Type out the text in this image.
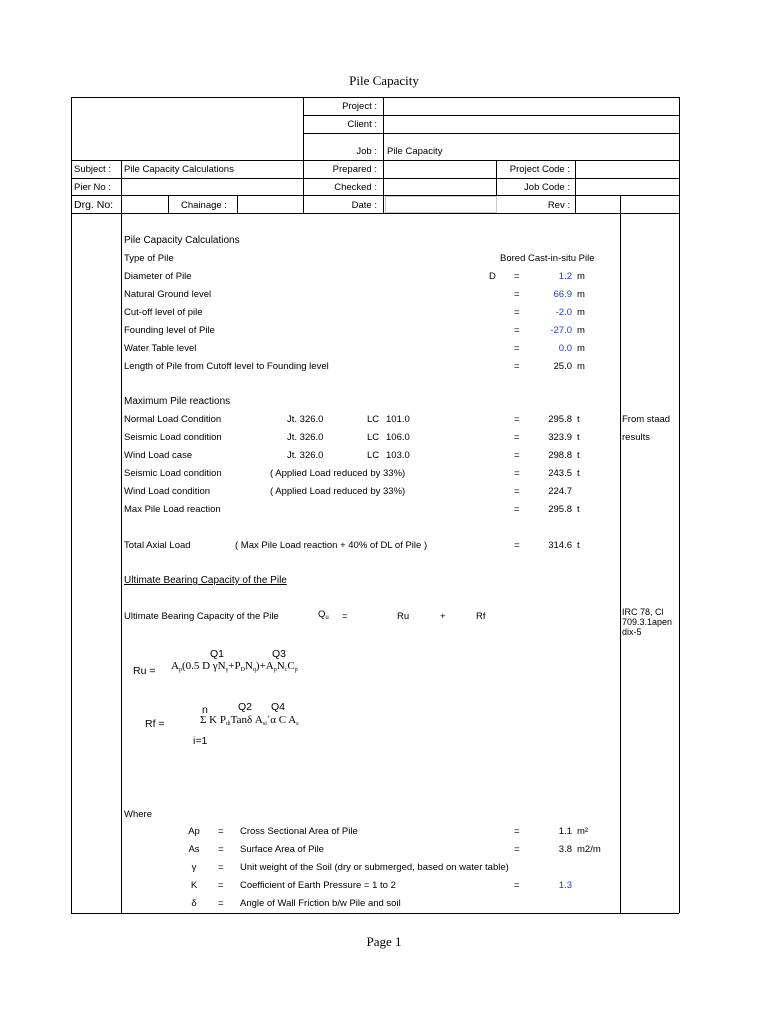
Pile Capacity
Project :
Client :
Job : Pile Capacity
Subject : Pile Capacity Calculations	Prepared :	Project Code :
Pier No :	Checked :	Job Code :
Drg. No:	Chainage :	Date :	Rev :
Pile Capacity Calculations
Type of Pile	Bored Cast-in-situ Pile
Diameter of Pile	D =	1.2 m
Natural Ground level	=	66.9 m
Cut-off level of pile	=	-2.0 m
Founding level of Pile	=	-27.0 m
Water Table level	=	0.0 m
Length of Pile from Cutoff level to Founding level	=	25.0 m
Maximum Pile reactions
Normal Load Condition	Jt. 326.0	LC 101.0	=	295.8 t	From staad
Seismic Load condition	Jt. 326.0	LC 106.0	=	323.9 t	results
Wind Load case	Jt. 326.0	LC 103.0	=	298.8 t
Seismic Load condition	( Applied Load reduced by 33%)	=	243.5 t
Wind Load condition	( Applied Load reduced by 33%)	=	224.7
Max Pile Load reaction	=	295.8 t
Total Axial Load	( Max Pile Load reaction + 40% of DL of Pile )	=	314.6 t
Ultimate Bearing Capacity of the Pile
Ultimate Bearing Capacity of the Pile	$Q_u$ =	Ru	+	Rf	IRC 78, Cl 709.3.1apen dix-5
Q1	Q3
$Ru = A_p(0.5$ D $\gamma N_\gamma+P_DN_q)+A_pN_cC_p$
n	Q2 Q4
Rf =	Σ K $P_{di}Tan\delta$ $A_{si}^+\alpha$ C $A_s$
i=1
Where
Ap	= Cross Sectional Area of Pile	=	1.1 m²
As	= Surface Area of Pile	=	3.8 m2/m
γ	= Unit weight of the Soil (dry or submerged, based on water table)
K	= Coefficient of Earth Pressure = 1 to 2	=	1.3
δ	= Angle of Wall Friction b/w Pile and soil
Page 1
